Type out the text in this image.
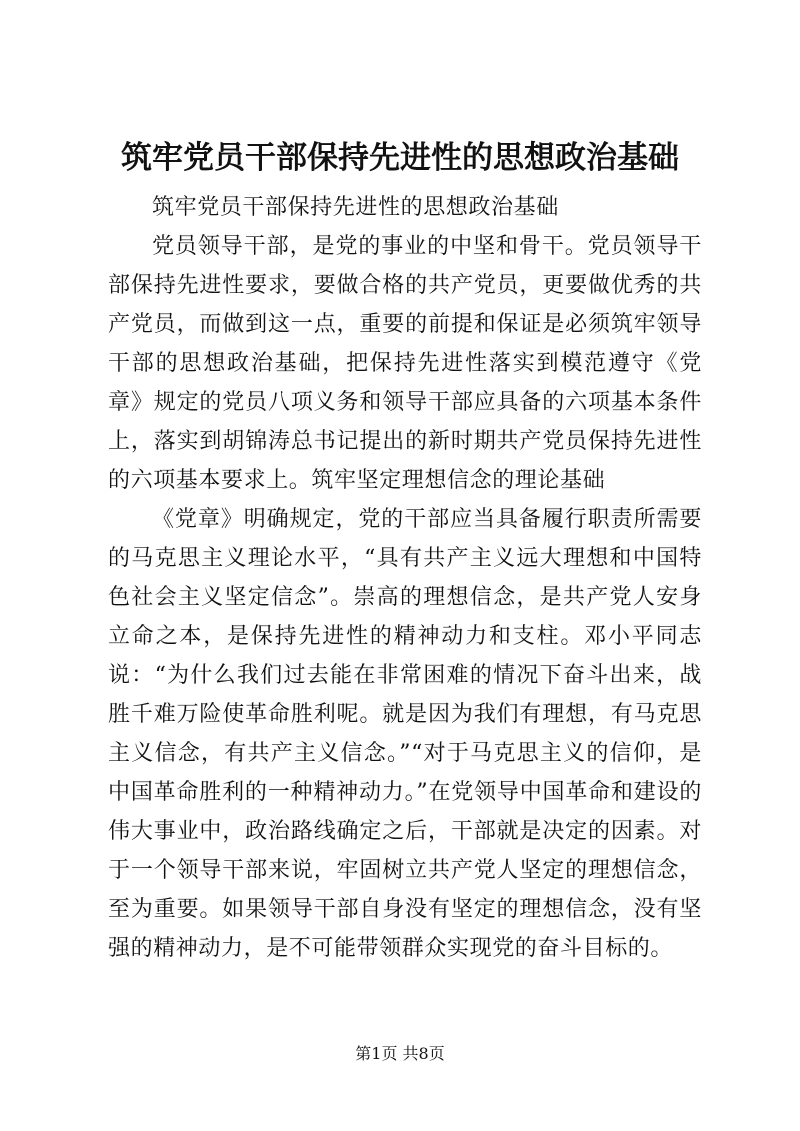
筑牢党员干部保持先进性的思想政治基础

筑牢党员干部保持先进性的思想政治基础

党员领导干部，是党的事业的中坚和骨干。党员领导干部保持先进性要求，要做合格的共产党员，更要做优秀的共产党员，而做到这一点，重要的前提和保证是必须筑牢领导干部的思想政治基础，把保持先进性落实到模范遵守《党章》规定的党员八项义务和领导干部应具备的六项基本条件上，落实到胡锦涛总书记提出的新时期共产党员保持先进性的六项基本要求上。筑牢坚定理想信念的理论基础

《党章》明确规定，党的干部应当具备履行职责所需要的马克思主义理论水平，“具有共产主义远大理想和中国特色社会主义坚定信念”。崇高的理想信念，是共产党人安身立命之本，是保持先进性的精神动力和支柱。邓小平同志说：“为什么我们过去能在非常困难的情况下奋斗出来，战胜千难万险使革命胜利呢。就是因为我们有理想，有马克思主义信念，有共产主义信念。”“对于马克思主义的信仰，是中国革命胜利的一种精神动力。”在党领导中国革命和建设的伟大事业中，政治路线确定之后，干部就是决定的因素。对于一个领导干部来说，牢固树立共产党人坚定的理想信念，至为重要。如果领导干部自身没有坚定的理想信念，没有坚强的精神动力，是不可能带领群众实现党的奋斗目标的。

第1页 共8页
